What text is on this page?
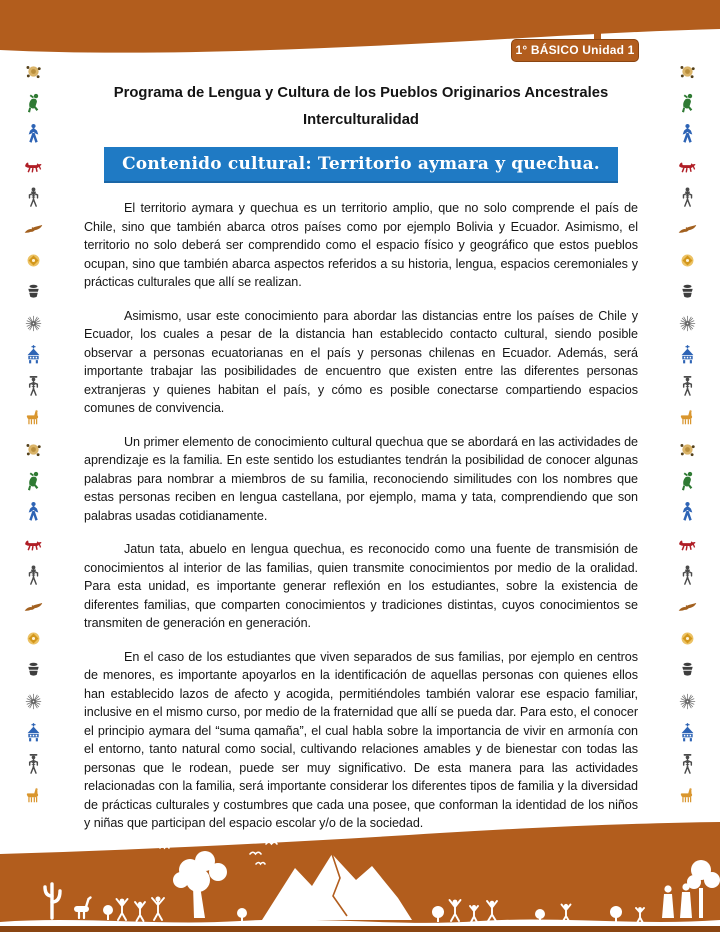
1° BÁSICO Unidad 1
Programa de Lengua y Cultura de los Pueblos Originarios Ancestrales
Interculturalidad
Contenido cultural: Territorio aymara y quechua.

El territorio aymara y quechua es un territorio amplio, que no solo comprende el país de Chile, sino que también abarca otros países como por ejemplo Bolivia y Ecuador. Asimismo, el territorio no solo deberá ser comprendido como el espacio físico y geográfico que estos pueblos ocupan, sino que también abarca aspectos referidos a su historia, lengua, espacios ceremoniales y prácticas culturales que allí se realizan.

Asimismo, usar este conocimiento para abordar las distancias entre los países de Chile y Ecuador, los cuales a pesar de la distancia han establecido contacto cultural, siendo posible observar a personas ecuatorianas en el país y personas chilenas en Ecuador. Además, será importante trabajar las posibilidades de encuentro que existen entre las diferentes personas extranjeras y quienes habitan el país, y cómo es posible conectarse compartiendo espacios comunes de convivencia.

Un primer elemento de conocimiento cultural quechua que se abordará en las actividades de aprendizaje es la familia. En este sentido los estudiantes tendrán la posibilidad de conocer algunas palabras para nombrar a miembros de su familia, reconociendo similitudes con los nombres que estas personas reciben en lengua castellana, por ejemplo, mama y tata, comprendiendo que son palabras usadas cotidianamente.

Jatun tata, abuelo en lengua quechua, es reconocido como una fuente de transmisión de conocimientos al interior de las familias, quien transmite conocimientos por medio de la oralidad. Para esta unidad, es importante generar reflexión en los estudiantes, sobre la existencia de diferentes familias, que comparten conocimientos y tradiciones distintas, cuyos conocimientos se transmiten de generación en generación.

En el caso de los estudiantes que viven separados de sus familias, por ejemplo en centros de menores, es importante apoyarlos en la identificación de aquellas personas con quienes ellos han establecido lazos de afecto y acogida, permitiéndoles también valorar ese espacio familiar, inclusive en el mismo curso, por medio de la fraternidad que allí se pueda dar. Para esto, el conocer el principio aymara del “suma qamaña”, el cual habla sobre la importancia de vivir en armonía con el entorno, tanto natural como social, cultivando relaciones amables y de bienestar con todas las personas que le rodean, puede ser muy significativo. De esta manera para las actividades relacionadas con la familia, será importante considerar los diferentes tipos de familia y la diversidad de prácticas culturales y costumbres que cada una posee, que conforman la identidad de los niños y niñas que participan del espacio escolar y/o de la sociedad.
